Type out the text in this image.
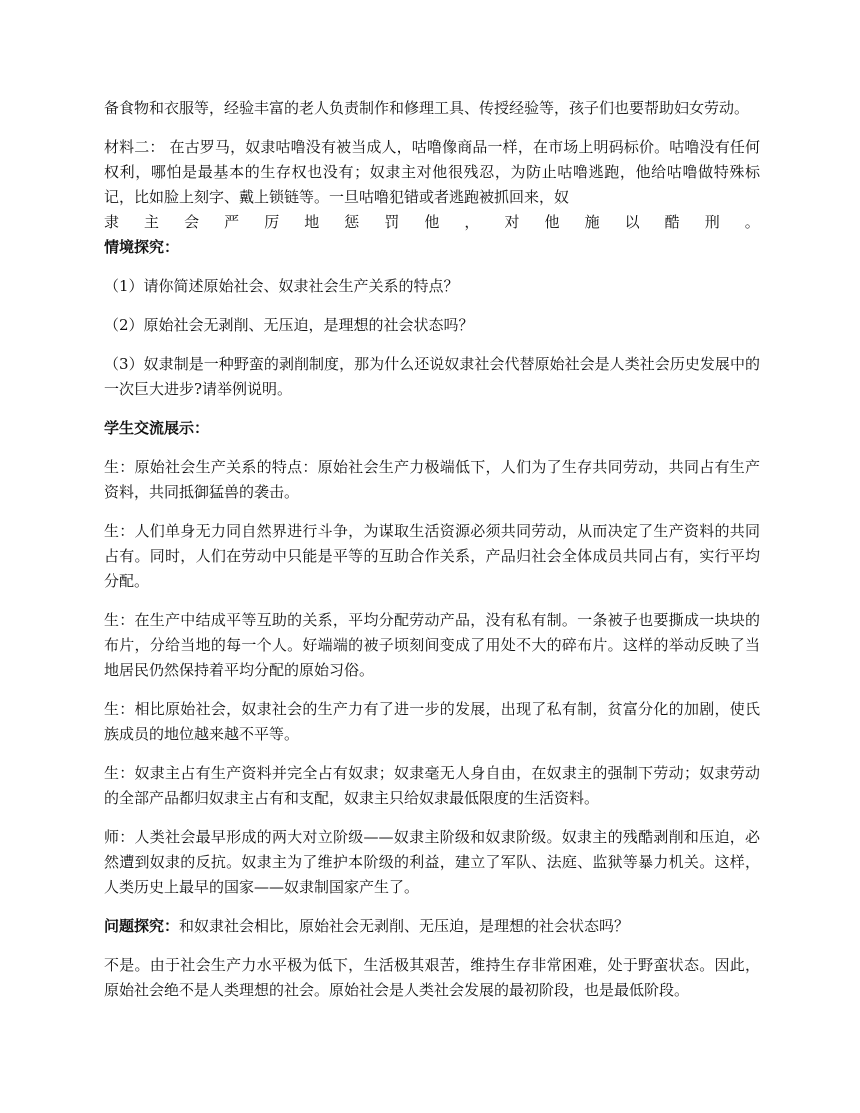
备食物和衣服等，经验丰富的老人负责制作和修理工具、传授经验等，孩子们也要帮助妇女劳动。

材料二： 在古罗马，奴隶咕噜没有被当成人，咕噜像商品一样，在市场上明码标价。咕噜没有任何权利，哪怕是最基本的生存权也没有；奴隶主对他很残忍，为防止咕噜逃跑，他给咕噜做特殊标记，比如脸上刻字、戴上锁链等。一旦咕噜犯错或者逃跑被抓回来，奴

隶 主 会 严 厉 地 惩 罚 他 ， 对 他 施 以 酷 刑 。

情境探究：

（1）请你简述原始社会、奴隶社会生产关系的特点？

（2）原始社会无剥削、无压迫，是理想的社会状态吗？

（3）奴隶制是一种野蛮的剥削制度，那为什么还说奴隶社会代替原始社会是人类社会历史发展中的一次巨大进步?请举例说明。

学生交流展示：

生：原始社会生产关系的特点：原始社会生产力极端低下，人们为了生存共同劳动，共同占有生产资料，共同抵御猛兽的袭击。

生：人们单身无力同自然界进行斗争，为谋取生活资源必须共同劳动，从而决定了生产资料的共同占有。同时，人们在劳动中只能是平等的互助合作关系，产品归社会全体成员共同占有，实行平均分配。

生：在生产中结成平等互助的关系，平均分配劳动产品，没有私有制。一条被子也要撕成一块块的布片，分给当地的每一个人。好端端的被子顷刻间变成了用处不大的碎布片。这样的举动反映了当地居民仍然保持着平均分配的原始习俗。

生：相比原始社会，奴隶社会的生产力有了进一步的发展，出现了私有制，贫富分化的加剧，使氏族成员的地位越来越不平等。

生：奴隶主占有生产资料并完全占有奴隶；奴隶毫无人身自由，在奴隶主的强制下劳动；奴隶劳动的全部产品都归奴隶主占有和支配，奴隶主只给奴隶最低限度的生活资料。

师：人类社会最早形成的两大对立阶级——奴隶主阶级和奴隶阶级。奴隶主的残酷剥削和压迫，必然遭到奴隶的反抗。奴隶主为了维护本阶级的利益，建立了军队、法庭、监狱等暴力机关。这样，人类历史上最早的国家——奴隶制国家产生了。

问题探究：和奴隶社会相比，原始社会无剥削、无压迫，是理想的社会状态吗？

不是。由于社会生产力水平极为低下，生活极其艰苦，维持生存非常困难，处于野蛮状态。因此，原始社会绝不是人类理想的社会。原始社会是人类社会发展的最初阶段，也是最低阶段。
